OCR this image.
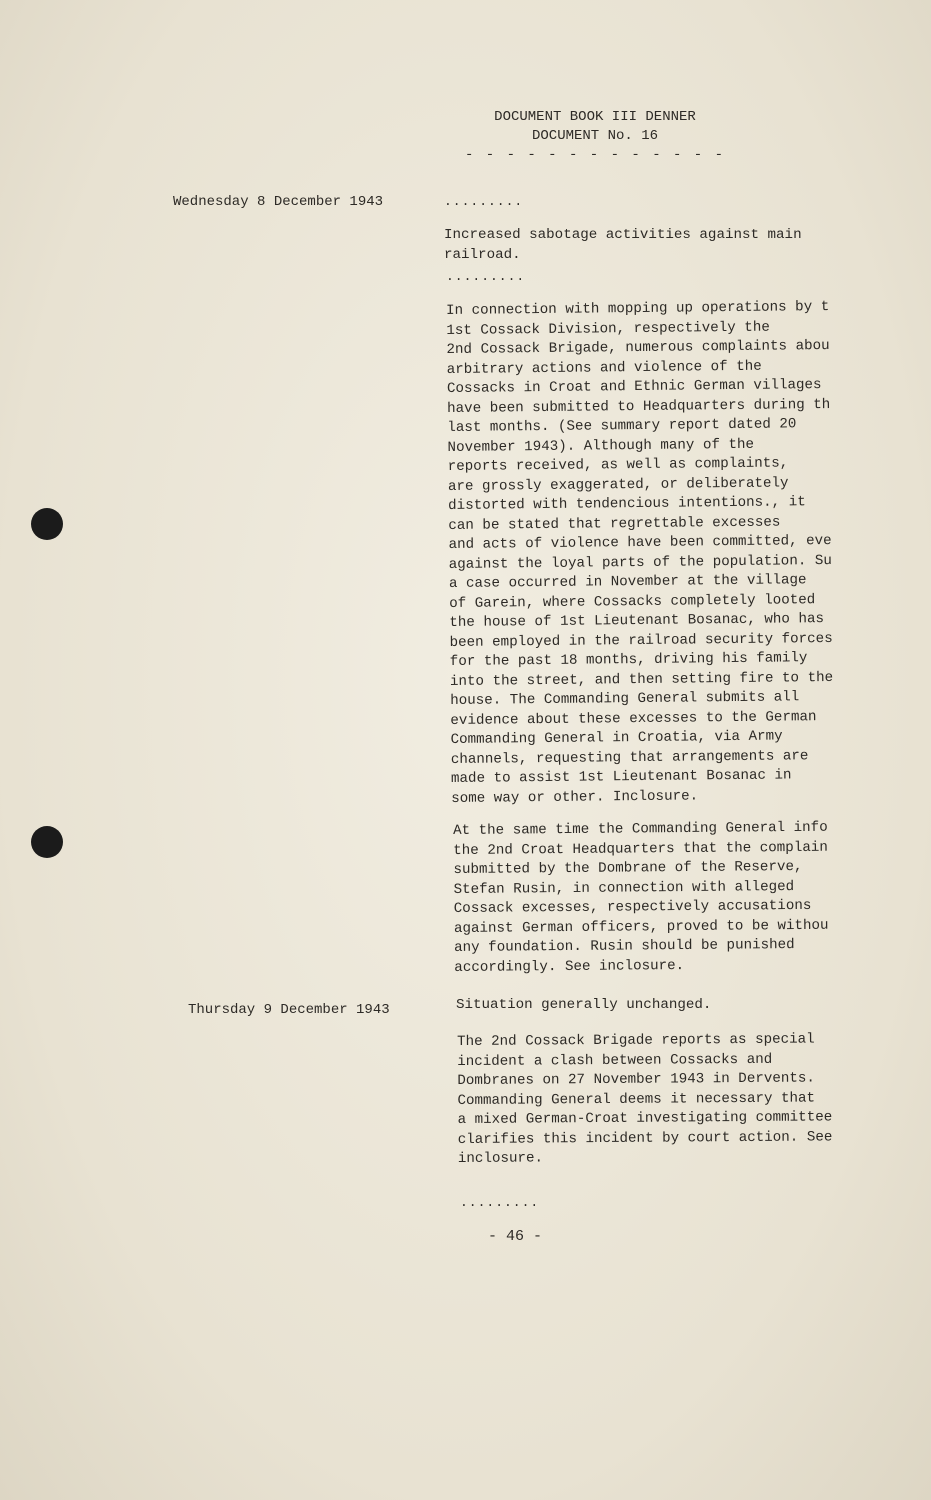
DOCUMENT BOOK III DENNER
DOCUMENT No. 16
- - - - - - - - - - - - -
Wednesday 8 December 1943	.........
Increased sabotage activities against main
railroad.
.........
In connection with mopping up operations by t
1st Cossack Division, respectively the
2nd Cossack Brigade, numerous complaints abou
arbitrary actions and violence of the
Cossacks in Croat and Ethnic German villages
have been submitted to Headquarters during th
last months. (See summary report dated 20
November 1943). Although many of the
reports received, as well as complaints,
are grossly exaggerated, or deliberately
distorted with tendencious intentions., it
can be stated that regrettable excesses
and acts of violence have been committed, eve
against the loyal parts of the population. Su
a case occurred in November at the village
of Garein, where Cossacks completely looted
the house of 1st Lieutenant Bosanac, who has
been employed in the railroad security forces
for the past 18 months, driving his family
into the street, and then setting fire to the
house. The Commanding General submits all
evidence about these excesses to the German
Commanding General in Croatia, via Army
channels, requesting that arrangements are
made to assist 1st Lieutenant Bosanac in
some way or other. Inclosure.
At the same time the Commanding General info
the 2nd Croat Headquarters that the complain
submitted by the Dombrane of the Reserve,
Stefan Rusin, in connection with alleged
Cossack excesses, respectively accusations
against German officers, proved to be withou
any foundation. Rusin should be punished
accordingly. See inclosure.
Thursday 9 December 1943	Situation generally unchanged.
The 2nd Cossack Brigade reports as special
incident a clash between Cossacks and
Dombranes on 27 November 1943 in Dervents.
Commanding General deems it necessary that
a mixed German-Croat investigating committee
clarifies this incident by court action. See
inclosure.
.........
- 46 -
